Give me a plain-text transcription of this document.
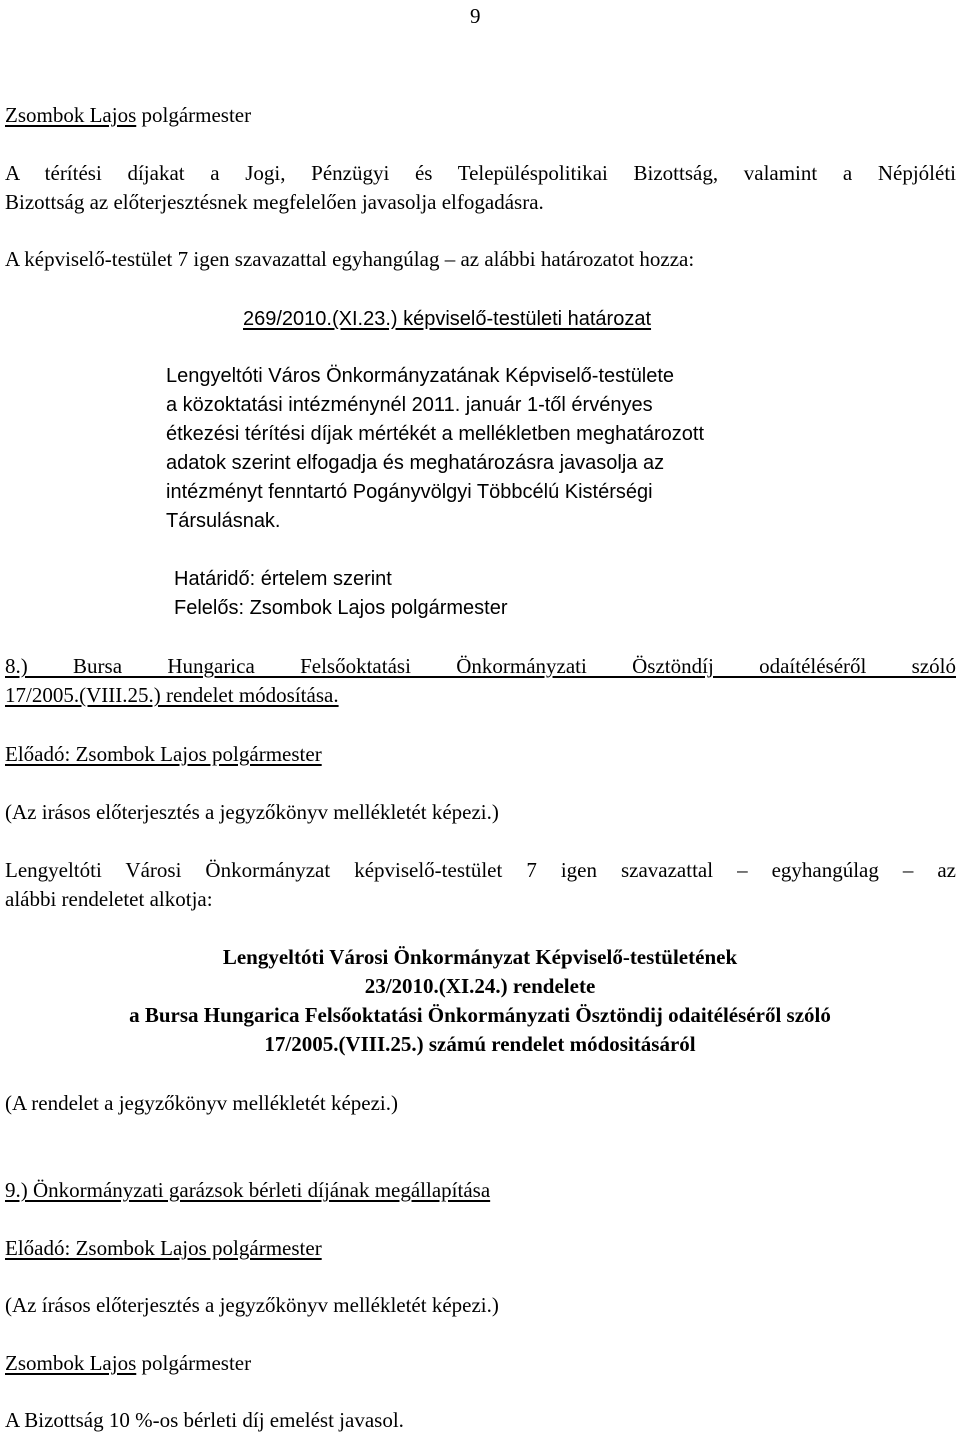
9
Zsombok Lajos polgármester
A térítési díjakat a Jogi, Pénzügyi és Településpolitikai Bizottság, valamint a Népjóléti
Bizottság az előterjesztésnek megfelelően javasolja elfogadásra.
A képviselő-testület 7 igen szavazattal egyhangúlag – az alábbi határozatot hozza:
269/2010.(XI.23.) képviselő-testületi határozat
Lengyeltóti Város Önkormányzatának Képviselő-testülete
a közoktatási intézménynél 2011. január 1-től érvényes
étkezési térítési díjak mértékét a mellékletben meghatározott
adatok szerint elfogadja és meghatározásra javasolja az
intézményt fenntartó Pogányvölgyi Többcélú Kistérségi
Társulásnak.
Határidő: értelem szerint
Felelős: Zsombok Lajos polgármester
8.) Bursa Hungarica Felsőoktatási Önkormányzati Ösztöndíj odaítéléséről szóló
17/2005.(VIII.25.) rendelet módosítása.
Előadó: Zsombok Lajos polgármester
(Az irásos előterjesztés a jegyzőkönyv mellékletét képezi.)
Lengyeltóti Városi Önkormányzat képviselő-testület 7 igen szavazattal – egyhangúlag – az
alábbi rendeletet alkotja:
Lengyeltóti Városi Önkormányzat Képviselő-testületének
23/2010.(XI.24.) rendelete
a Bursa Hungarica Felsőoktatási Önkormányzati Ösztöndij odaitéléséről szóló
17/2005.(VIII.25.) számú rendelet módositásáról
(A rendelet a jegyzőkönyv mellékletét képezi.)
9.) Önkormányzati garázsok bérleti díjának megállapítása
Előadó: Zsombok Lajos polgármester
(Az írásos előterjesztés a jegyzőkönyv mellékletét képezi.)
Zsombok Lajos polgármester
A Bizottság 10 %-os bérleti díj emelést javasol.
